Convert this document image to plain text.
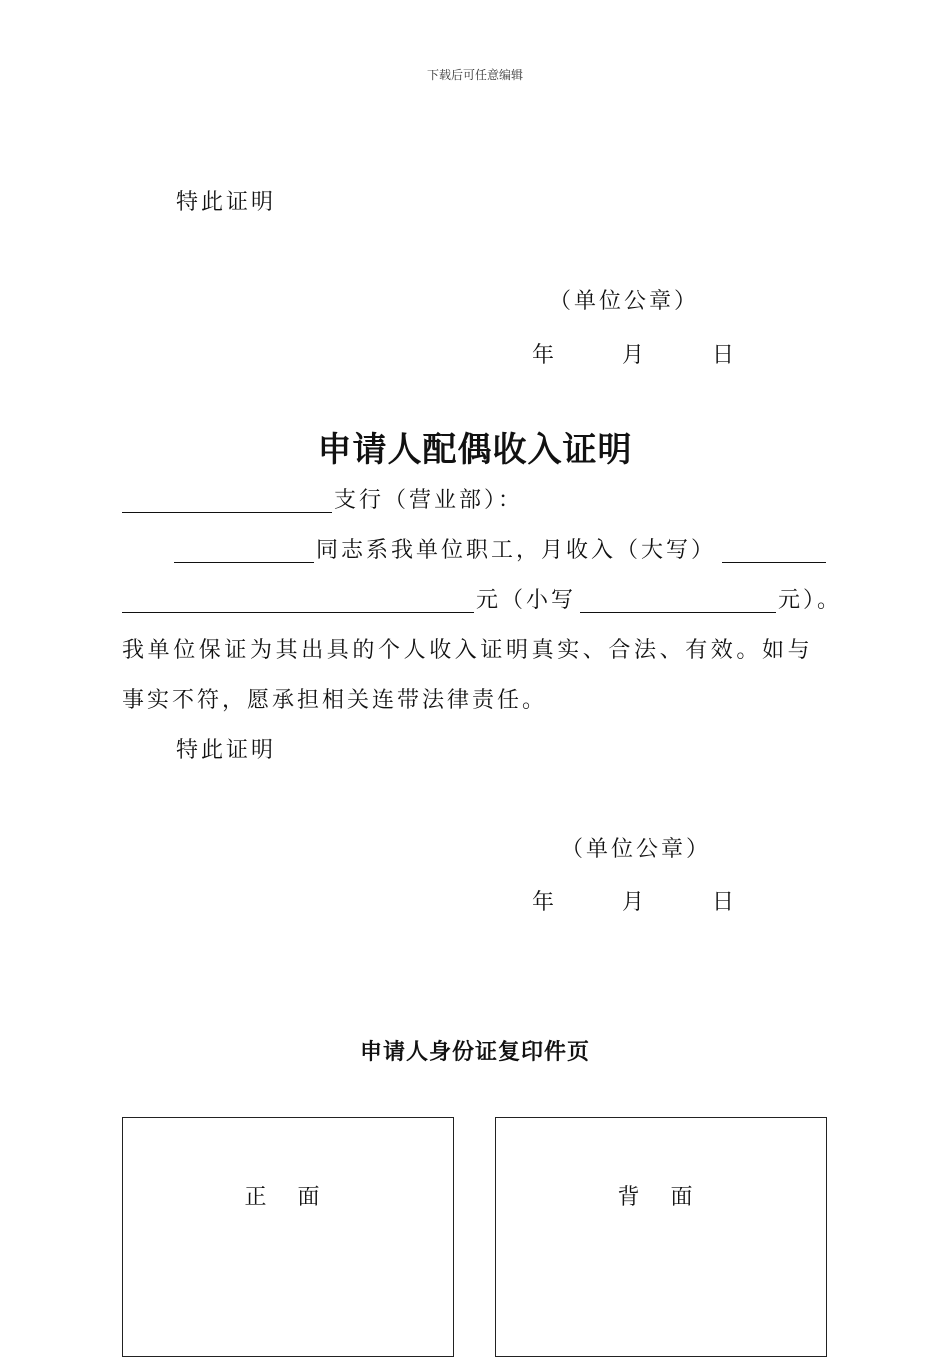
下载后可任意编辑
特此证明
（单位公章）
年	月	日
申请人配偶收入证明
支行（营业部）：
同志系我单位职工，月收入（大写）
元（小写	元）。
我单位保证为其出具的个人收入证明真实、合法、有效。如与
事实不符，愿承担相关连带法律责任。
特此证明
（单位公章）
年	月	日
申请人身份证复印件页
正 面	背 面
